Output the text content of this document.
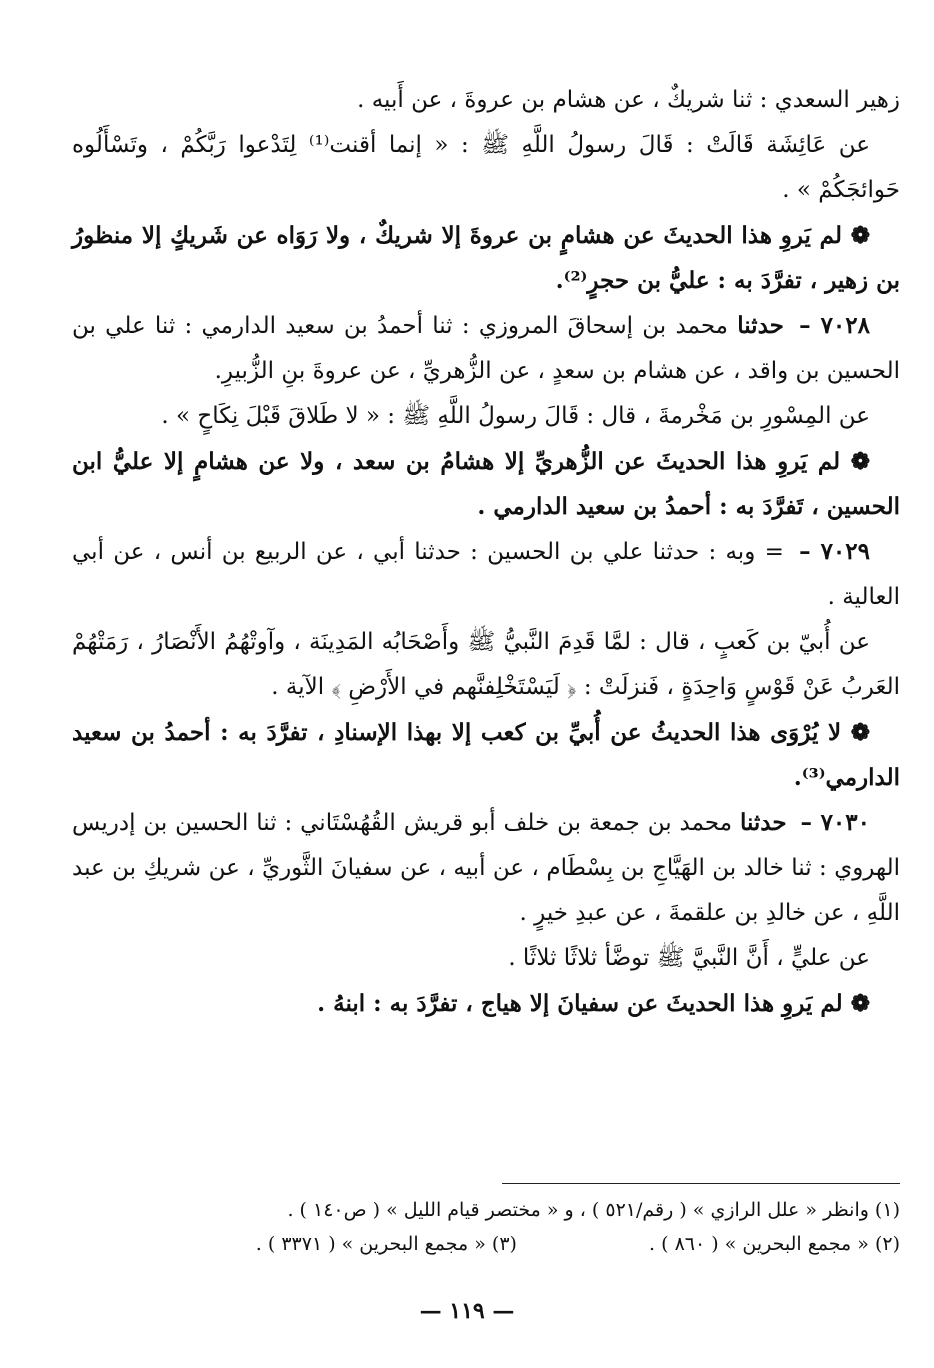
زهير السعدي : ثنا شريكٌ ، عن هشام بن عروةَ ، عن أَبيه .

عن عَائِشَة قَالَتْ : قَالَ رسولُ اللَّهِ ﷺ : « إنما أقنت⁽¹⁾ لِتَدْعوا رَبَّكُمْ ، وتَسْأَلُوه حَوائجَكُمْ » .

❁ لم يَروِ هذا الحديثَ عن هشامٍ بن عروةَ إلا شريكٌ ، ولا رَوَاه عن شَريكٍ إلا منظورُ بن زهير ، تفرَّدَ به : عليُّ بن حجرٍ⁽²⁾.

٧٠٢٨ – حدثنا محمد بن إسحاقَ المروزي : ثنا أحمدُ بن سعيد الدارمي : ثنا علي بن الحسين بن واقد ، عن هشام بن سعدٍ ، عن الزُّهريِّ ، عن عروةَ بنِ الزُّبيرِ.

عن المِسْورِ بن مَخْرمةَ ، قال : قَالَ رسولُ اللَّهِ ﷺ : « لا طَلاقَ قَبْلَ نِكَاحٍ » .

❁ لم يَروِ هذا الحديثَ عن الزُّهريِّ إلا هشامُ بن سعد ، ولا عن هشامٍ إلا عليُّ ابن الحسين ، تَفرَّدَ به : أحمدُ بن سعيد الدارمي .

٧٠٢٩ – = وبه : حدثنا علي بن الحسين : حدثنا أبي ، عن الربيع بن أنس ، عن أبي العالية .

عن أُبيّ بن كَعبٍ ، قال : لمَّا قَدِمَ النَّبيُّ ﷺ وأَصْحَابُه المَدِينَة ، وآوتْهُمُ الأَنْصَارُ ، رَمَتْهُمْ العَربُ عَنْ قَوْسٍ وَاحِدَةٍ ، فَنزلَتْ : ﴿ لَيَسْتَخْلِفنَّهم في الأَرْضِ ﴾ الآية .

❁ لا يُرْوَى هذا الحديثُ عن أُبيِّ بن كعب إلا بهذا الإسنادِ ، تفرَّدَ به : أحمدُ بن سعيد الدارمي⁽³⁾.

٧٠٣٠ – حدثنا محمد بن جمعة بن خلف أبو قريش القُهُسْتَاني : ثنا الحسين بن إدريس الهروي : ثنا خالد بن الهَيَّاجِ بن بِسْطَام ، عن أبيه ، عن سفيانَ الثَّوريِّ ، عن شريكِ بن عبد اللَّهِ ، عن خالدِ بن علقمةَ ، عن عبدِ خيرٍ .

عن عليٍّ ، أَنَّ النَّبيَّ ﷺ توضَّأ ثلاثًا ثلاثًا .

❁ لم يَروِ هذا الحديثَ عن سفيانَ إلا هياج ، تفرَّدَ به : ابنهُ .

(١) وانظر « علل الرازي » ( رقم/٥٢١ ) ، و « مختصر قيام الليل » ( ص١٤٠ ) .
(٢) « مجمع البحرين » ( ٨٦٠ ) .  (٣) « مجمع البحرين » ( ٣٣٧١ ) .
— ١١٩ —
